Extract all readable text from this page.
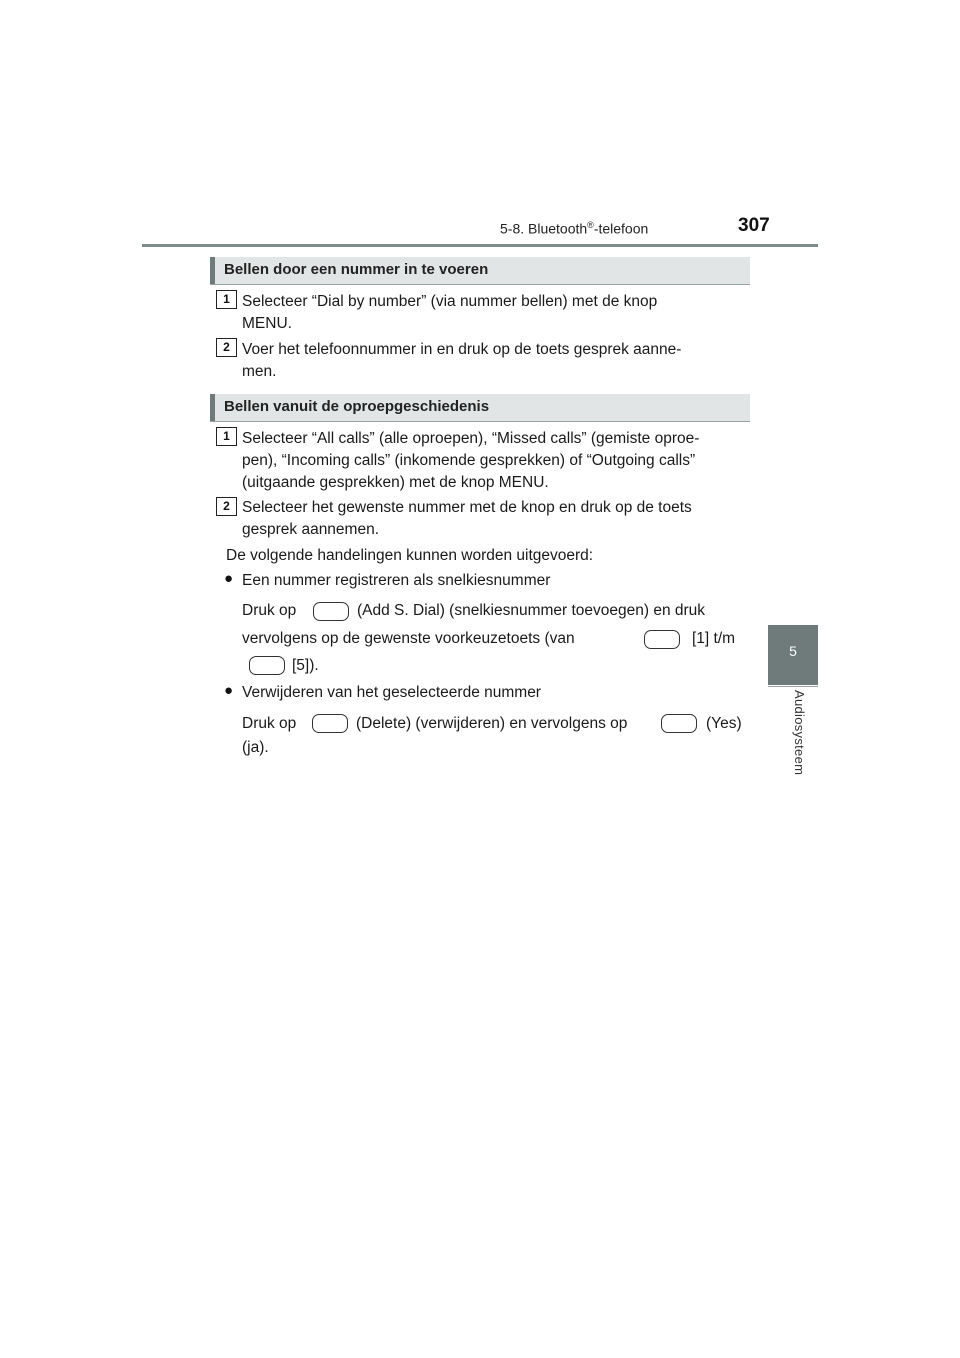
5-8. Bluetooth®-telefoon	307
5
Audiosysteem
Bellen door een nummer in te voeren
1 Selecteer “Dial by number” (via nummer bellen) met de knop
MENU.
2 Voer het telefoonnummer in en druk op de toets gesprek aanne-
men.
Bellen vanuit de oproepgeschiedenis
1 Selecteer “All calls” (alle oproepen), “Missed calls” (gemiste oproe-
pen), “Incoming calls” (inkomende gesprekken) of “Outgoing calls”
(uitgaande gesprekken) met de knop MENU.
2 Selecteer het gewenste nummer met de knop en druk op de toets
gesprek aannemen.
De volgende handelingen kunnen worden uitgevoerd:
● Een nummer registreren als snelkiesnummer
Druk op	(Add S. Dial) (snelkiesnummer toevoegen) en druk
vervolgens op de gewenste voorkeuzetoets (van	[1] t/m
[5]).
● Verwijderen van het geselecteerde nummer
Druk op	(Delete) (verwijderen) en vervolgens op	(Yes)
(ja).
